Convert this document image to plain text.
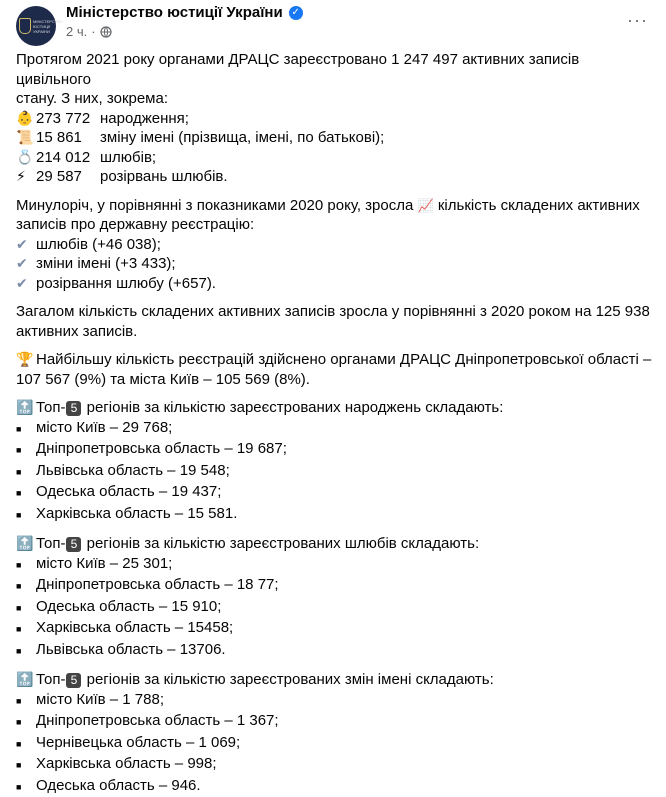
МІНІСТЕРСТВО ЮСТИЦІЇ УКРАЇНИ
Міністерство юстиції України ✓
2 ч. ·
···

Протягом 2021 року органами ДРАЦС зареєстровано 1 247 497 активних записів цивільного
стану. З них, зокрема:

👶 273 772 народження;
📜 15 861	зміну імені (прізвища, імені, по батькові);
💍 214 012 шлюбів;
⚡ 29 587	розірвань шлюбів.

Минулоріч, у порівнянні з показниками 2020 року, зросла 📈 кількість складених активних
записів про державну реєстрацію:

✔ шлюбів (+46 038);
✔ зміни імені (+3 433);
✔ розірвання шлюбу (+657).

Загалом кількість складених активних записів зросла у порівнянні з 2020 роком на 125 938
активних записів.

🏆 Найбільшу кількість реєстрацій здійснено органами ДРАЦС Дніпропетровської області –
107 567 (9%) та міста Київ – 105 569 (8%).

🔝 Топ- 5
регіонів за кількістю зареєстрованих народжень складають:
■ місто Київ – 29 768;
■ Дніпропетровська область – 19 687;
■ Львівська область – 19 548;
■ Одеська область – 19 437;
■ Харківська область – 15 581.
🔝 Топ- 5
регіонів за кількістю зареєстрованих шлюбів складають:
■ місто Київ – 25 301;
■ Дніпропетровська область – 18 77;
■ Одеська область – 15 910;
■ Харківська область – 15458;
■ Львівська область – 13706.
🔝 Топ- 5
регіонів за кількістю зареєстрованих змін імені складають:
■ місто Київ – 1 788;
■ Дніпропетровська область – 1 367;
■ Чернівецька область – 1 069;
■ Харківська область – 998;
■ Одеська область – 946.
